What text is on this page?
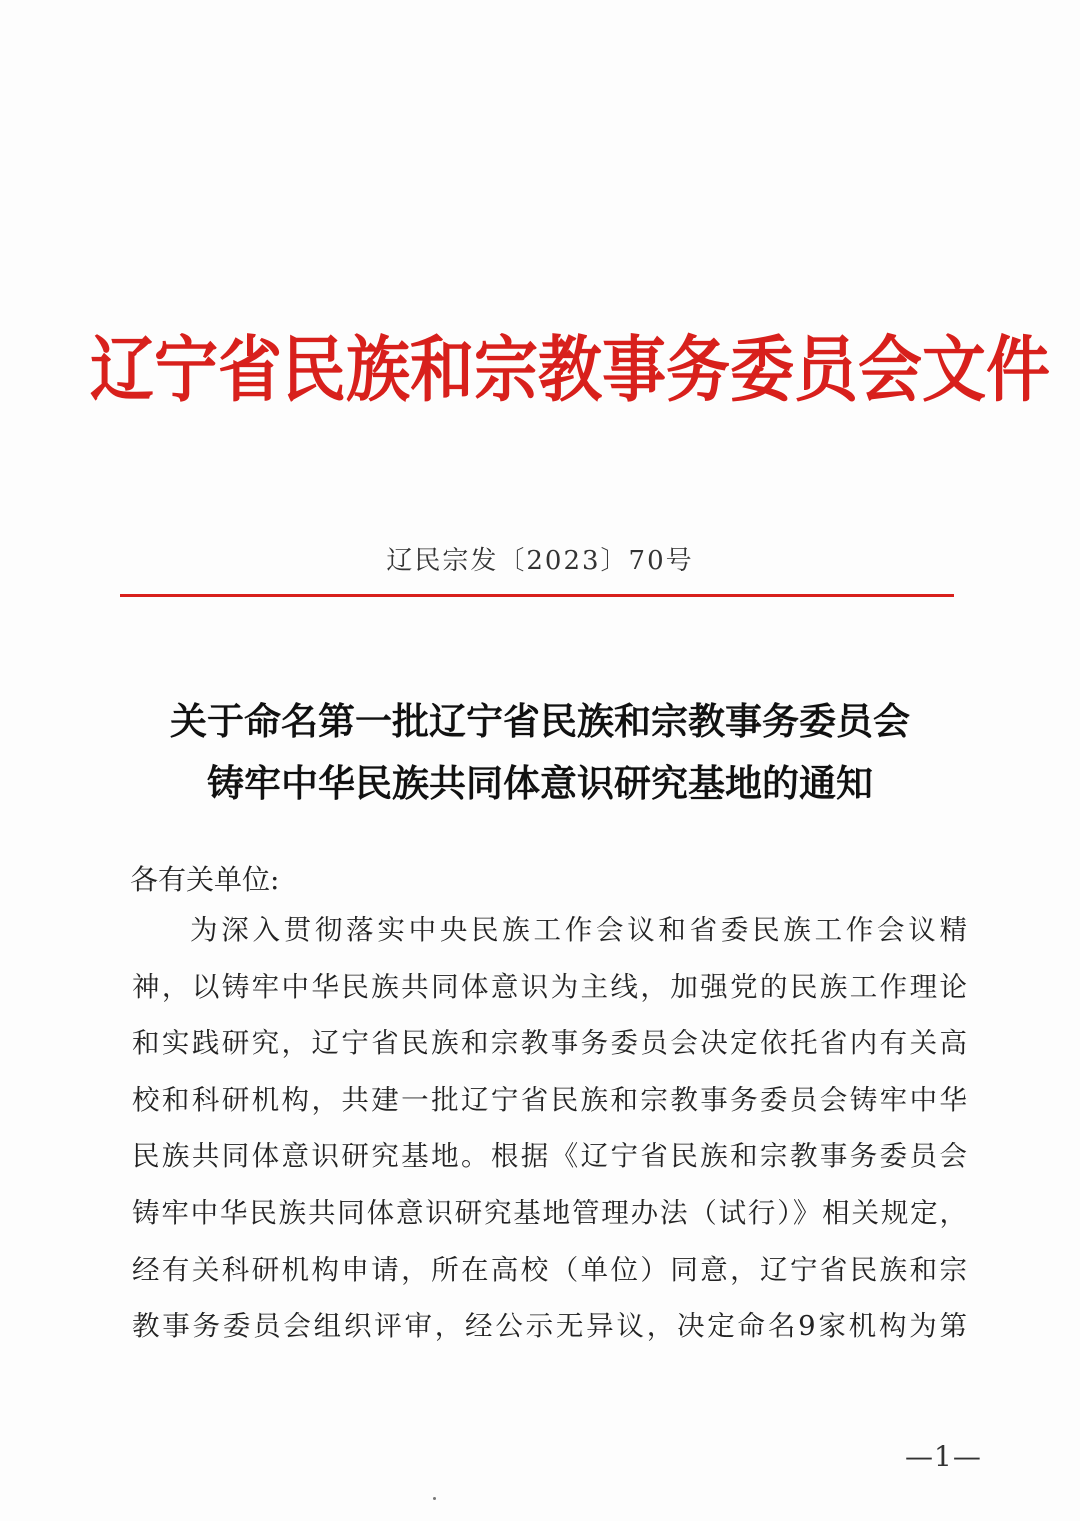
辽宁省民族和宗教事务委员会文件
辽民宗发〔2023〕70号
关于命名第一批辽宁省民族和宗教事务委员会
铸牢中华民族共同体意识研究基地的通知
各有关单位:
为深入贯彻落实中央民族工作会议和省委民族工作会议精
神，以铸牢中华民族共同体意识为主线，加强党的民族工作理论
和实践研究，辽宁省民族和宗教事务委员会决定依托省内有关高
校和科研机构，共建一批辽宁省民族和宗教事务委员会铸牢中华
民族共同体意识研究基地。根据《辽宁省民族和宗教事务委员会
铸牢中华民族共同体意识研究基地管理办法（试行）》相关规定，
经有关科研机构申请，所在高校（单位）同意，辽宁省民族和宗
教事务委员会组织评审，经公示无异议，决定命名9家机构为第
—1—
